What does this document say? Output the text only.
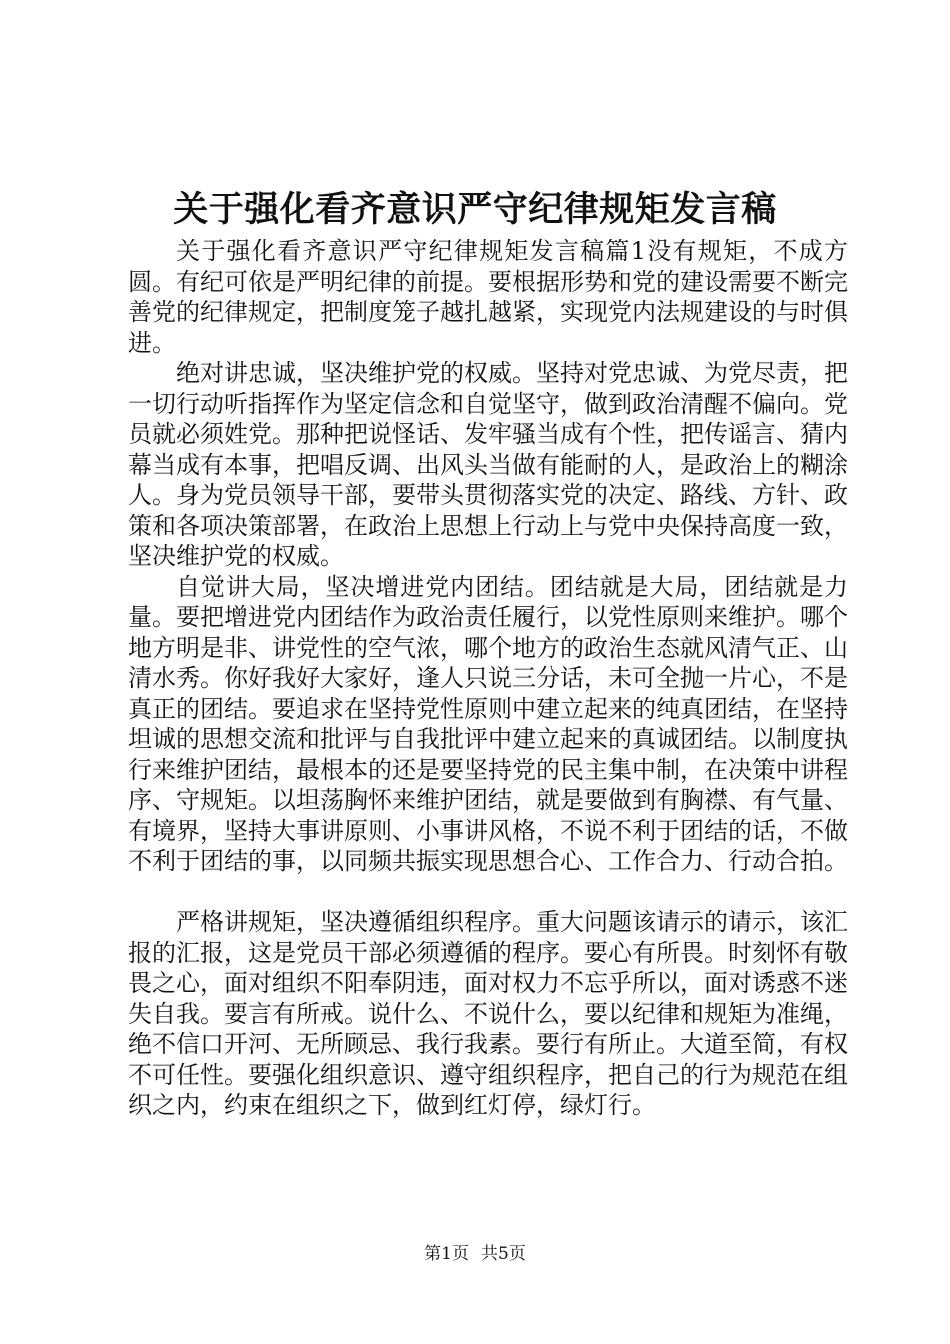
关于强化看齐意识严守纪律规矩发言稿

关于强化看齐意识严守纪律规矩发言稿篇1没有规矩，不成方圆。有纪可依是严明纪律的前提。要根据形势和党的建设需要不断完善党的纪律规定，把制度笼子越扎越紧，实现党内法规建设的与时俱进。

绝对讲忠诚，坚决维护党的权威。坚持对党忠诚、为党尽责，把一切行动听指挥作为坚定信念和自觉坚守，做到政治清醒不偏向。党员就必须姓党。那种把说怪话、发牢骚当成有个性，把传谣言、猜内幕当成有本事，把唱反调、出风头当做有能耐的人，是政治上的糊涂人。身为党员领导干部，要带头贯彻落实党的决定、路线、方针、政策和各项决策部署，在政治上思想上行动上与党中央保持高度一致，坚决维护党的权威。

自觉讲大局，坚决增进党内团结。团结就是大局，团结就是力量。要把增进党内团结作为政治责任履行，以党性原则来维护。哪个地方明是非、讲党性的空气浓，哪个地方的政治生态就风清气正、山清水秀。你好我好大家好，逢人只说三分话，未可全抛一片心，不是真正的团结。要追求在坚持党性原则中建立起来的纯真团结，在坚持坦诚的思想交流和批评与自我批评中建立起来的真诚团结。以制度执行来维护团结，最根本的还是要坚持党的民主集中制，在决策中讲程序、守规矩。以坦荡胸怀来维护团结，就是要做到有胸襟、有气量、有境界，坚持大事讲原则、小事讲风格，不说不利于团结的话，不做不利于团结的事，以同频共振实现思想合心、工作合力、行动合拍。

严格讲规矩，坚决遵循组织程序。重大问题该请示的请示，该汇报的汇报，这是党员干部必须遵循的程序。要心有所畏。时刻怀有敬畏之心，面对组织不阳奉阴违，面对权力不忘乎所以，面对诱惑不迷失自我。要言有所戒。说什么、不说什么，要以纪律和规矩为准绳，绝不信口开河、无所顾忌、我行我素。要行有所止。大道至简，有权不可任性。要强化组织意识、遵守组织程序，把自己的行为规范在组织之内，约束在组织之下，做到红灯停，绿灯行。

第1页 共5页
